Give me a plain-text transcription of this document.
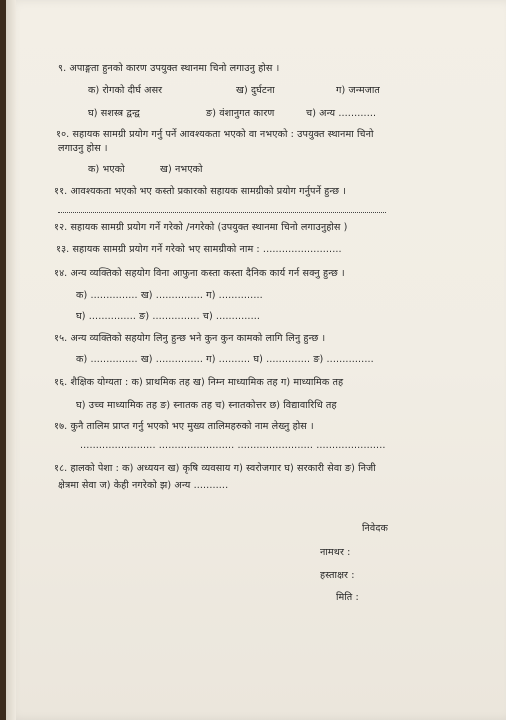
९. अपाङ्गता हुनको कारण उपयुक्त स्थानमा चिनो लगाउनु होस ।
क) रोगको दीर्घ असर	ख) दुर्घटना	ग) जन्मजात
घ) सशस्त्र द्वन्द्व	ङ) वंशानुगत कारण	च) अन्य ............
१०. सहायक सामग्री प्रयोग गर्नु पर्ने आवश्यकता भएको वा नभएको : उपयुक्त स्थानमा चिनो
लगाउनु होस ।
क) भएको	ख) नभएको
११. आवश्यकता भएको भए कस्तो प्रकारको सहायक सामग्रीको प्रयोग गर्नुपर्ने हुन्छ ।
१२. सहायक सामग्री प्रयोग गर्ने गरेको /नगरेको (उपयुक्त स्थानमा चिनो लगाउनुहोस )
१३. सहायक सामग्री प्रयोग गर्ने गरेको भए सामग्रीको नाम : .........................
१४. अन्य व्यक्तिको सहयोग विना आफुना कस्ता कस्ता दैनिक कार्य गर्न सक्नु हुन्छ ।
क) ............... ख) ............... ग) ..............
घ) ............... ङ) ............... च) ..............
१५. अन्य व्यक्तिको सहयोग लिनु हुन्छ भने कुन कुन कामको लागि लिनु हुन्छ ।
क) ............... ख) ............... ग) .......... घ) .............. ङ) ...............
१६. शैक्षिक योग्यता : क) प्राथमिक तह ख) निम्न माध्यामिक तह ग) माध्यामिक तह
घ) उच्च माध्यामिक तह ङ) स्नातक तह च) स्नातकोत्तर छ) विद्यावारिधि तह
१७. कुनै तालिम प्राप्त गर्नु भएको भए मुख्य तालिमहरुको नाम लेख्नु होस ।
........................ ........................ ........................ ......................
१८. हालको पेशा : क) अध्ययन ख) कृषि व्यवसाय ग) स्वरोजगार घ) सरकारी सेवा ङ) निजी
क्षेत्रमा सेवा ज) केही नगरेको झ) अन्य ...........
निवेदक
नामथर :
हस्ताक्षर :
मिति :
